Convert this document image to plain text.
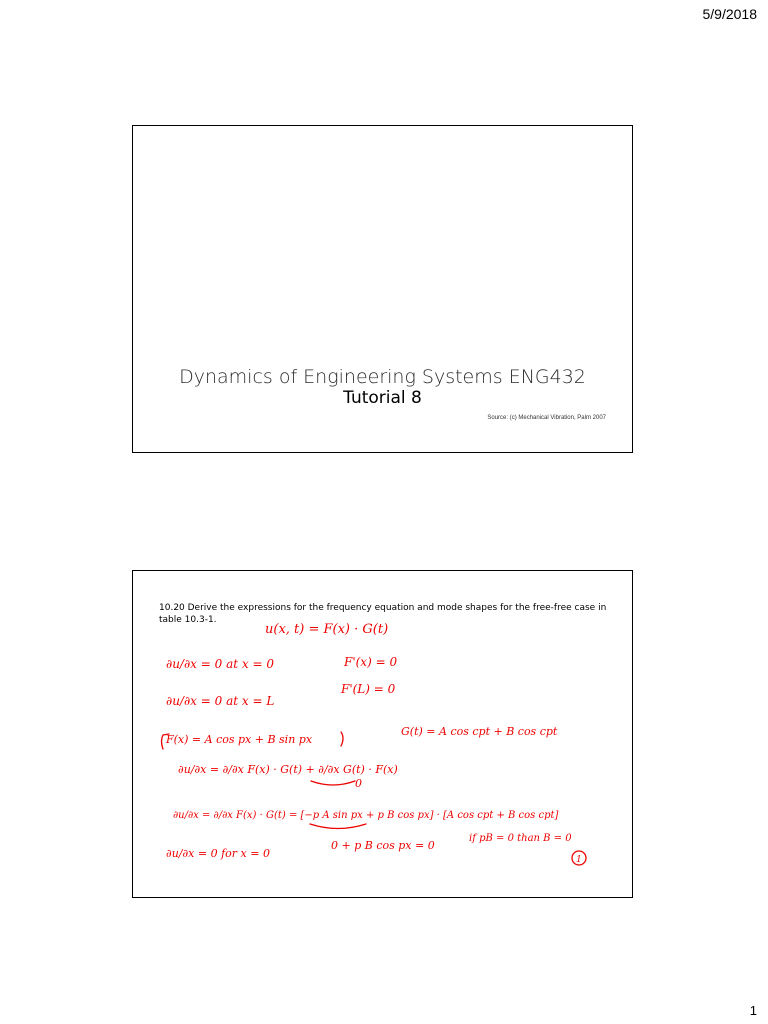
5/9/2018
Dynamics of Engineering Systems ENG432
Tutorial 8
Source: (c) Mechanical Vibration, Palm 2007
10.20 Derive the expressions for the frequency equation and mode shapes for the free-free case in table 10.3-1.
u(x, t) = F(x) · G(t)
∂u/∂x = 0 at x = 0	F'(x) = 0
∂u/∂x = 0 at x = L
F'(L) = 0
F(x) = A cos px + B sin px
G(t) = A cos cpt + B cos cpt
∂u/∂x = ∂/∂x F(x) · G(t) + ∂/∂x G(t) · F(x)
0
∂u/∂x = ∂/∂x F(x) · G(t) = [−p A sin px + p B cos px] · [A cos cpt + B cos cpt]
0 + p B cos px = 0
if pB = 0 than B = 0
1
∂u/∂x = 0 for x = 0
1
